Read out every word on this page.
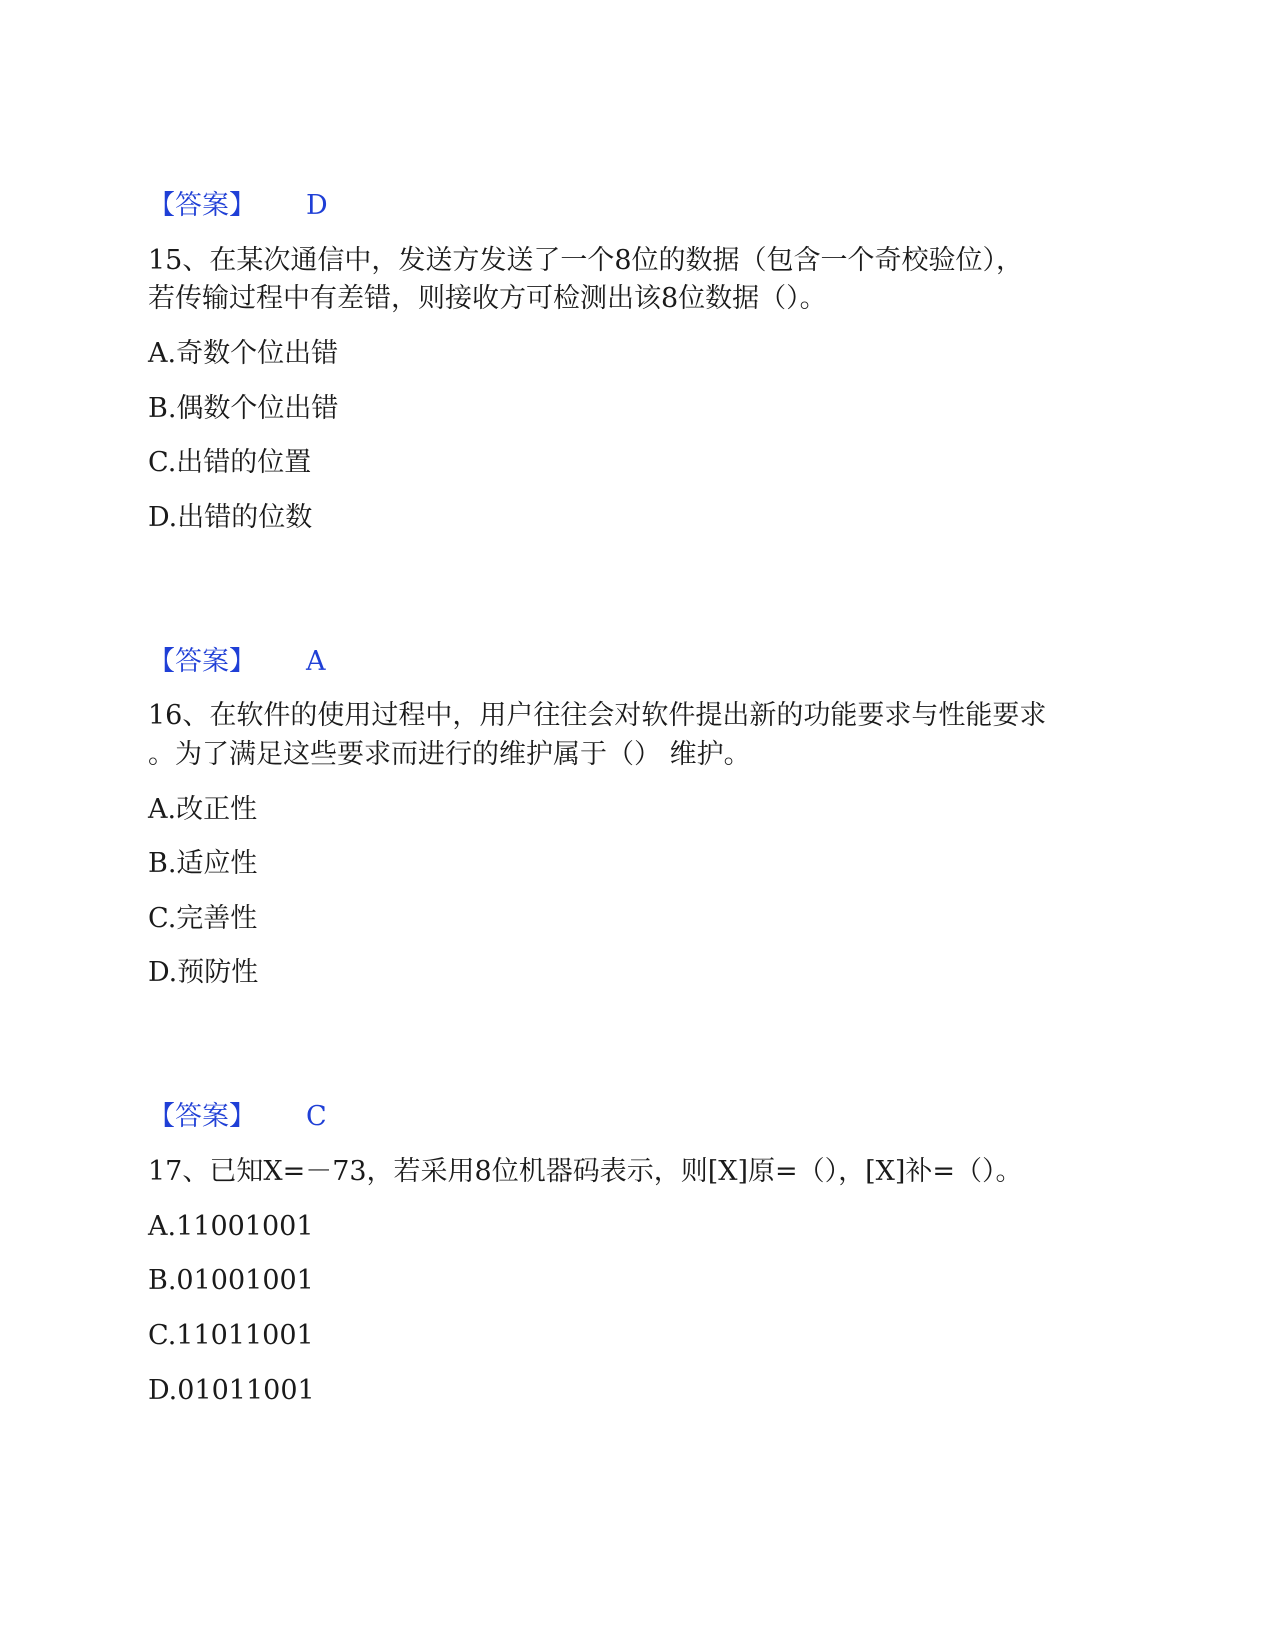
【答案】 D
15、在某次通信中，发送方发送了一个8位的数据（包含一个奇校验位），
若传输过程中有差错，则接收方可检测出该8位数据（）。
A.奇数个位出错
B.偶数个位出错
C.出错的位置
D.出错的位数
【答案】 A
16、在软件的使用过程中，用户往往会对软件提出新的功能要求与性能要求
。为了满足这些要求而进行的维护属于（） 维护。
A.改正性
B.适应性
C.完善性
D.预防性
【答案】 C
17、已知X=－73，若采用8位机器码表示，则[X]原=（），[X]补=（）。
A.11001001
B.01001001
C.11011001
D.01011001
